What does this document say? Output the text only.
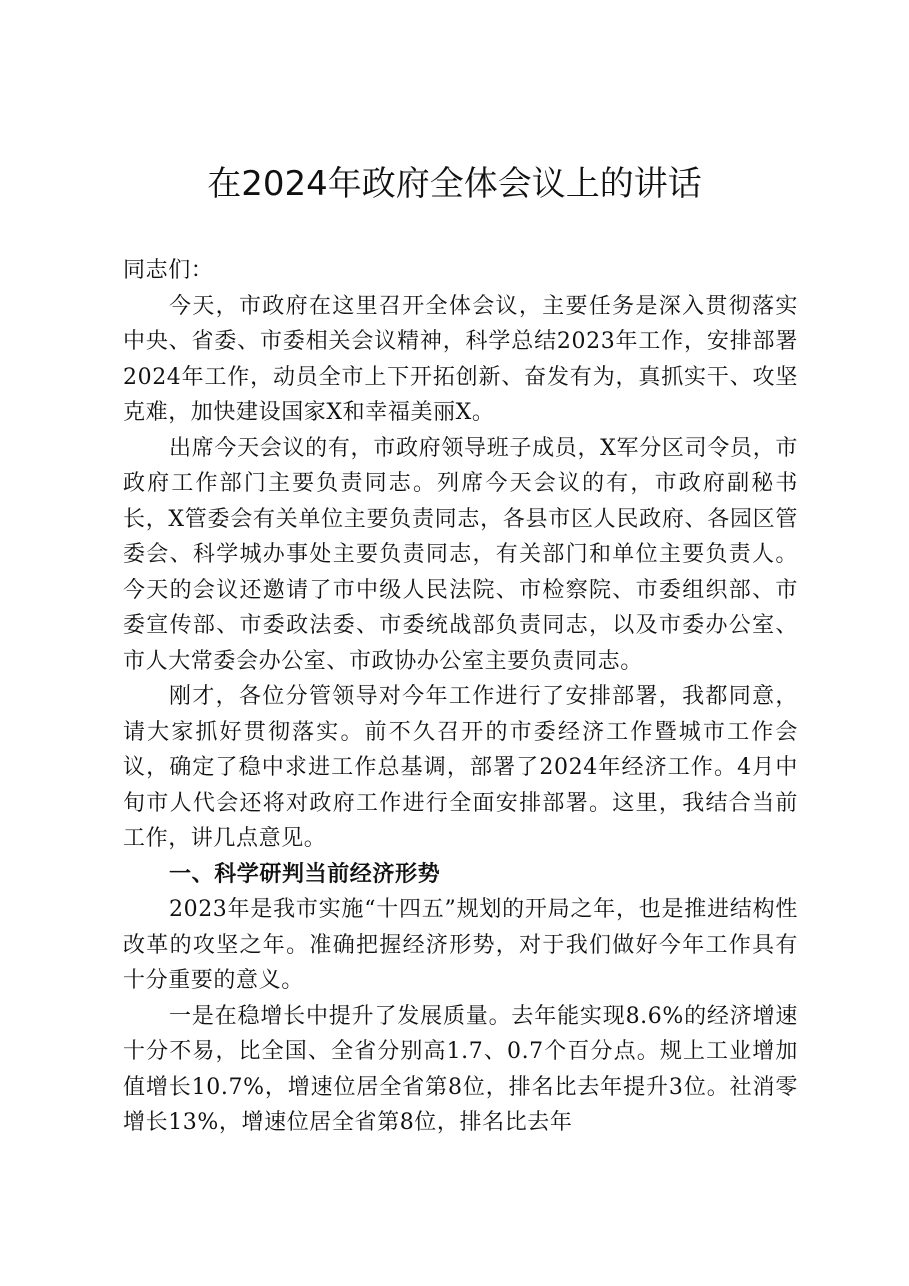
在2024年政府全体会议上的讲话

同志们：

今天，市政府在这里召开全体会议，主要任务是深入贯彻落实中央、省委、市委相关会议精神，科学总结2023年工作，安排部署2024年工作，动员全市上下开拓创新、奋发有为，真抓实干、攻坚克难，加快建设国家X和幸福美丽X。

出席今天会议的有，市政府领导班子成员，X军分区司令员，市政府工作部门主要负责同志。列席今天会议的有，市政府副秘书长，X管委会有关单位主要负责同志，各县市区人民政府、各园区管委会、科学城办事处主要负责同志，有关部门和单位主要负责人。今天的会议还邀请了市中级人民法院、市检察院、市委组织部、市委宣传部、市委政法委、市委统战部负责同志，以及市委办公室、市人大常委会办公室、市政协办公室主要负责同志。

刚才，各位分管领导对今年工作进行了安排部署，我都同意，请大家抓好贯彻落实。前不久召开的市委经济工作暨城市工作会议，确定了稳中求进工作总基调，部署了2024年经济工作。4月中旬市人代会还将对政府工作进行全面安排部署。这里，我结合当前工作，讲几点意见。

一、科学研判当前经济形势

2023年是我市实施“十四五”规划的开局之年，也是推进结构性改革的攻坚之年。准确把握经济形势，对于我们做好今年工作具有十分重要的意义。

一是在稳增长中提升了发展质量。去年能实现8.6%的经济增速十分不易，比全国、全省分别高1.7、0.7个百分点。规上工业增加值增长10.7%，增速位居全省第8位，排名比去年提升3位。社消零增长13%，增速位居全省第8位，排名比去年
